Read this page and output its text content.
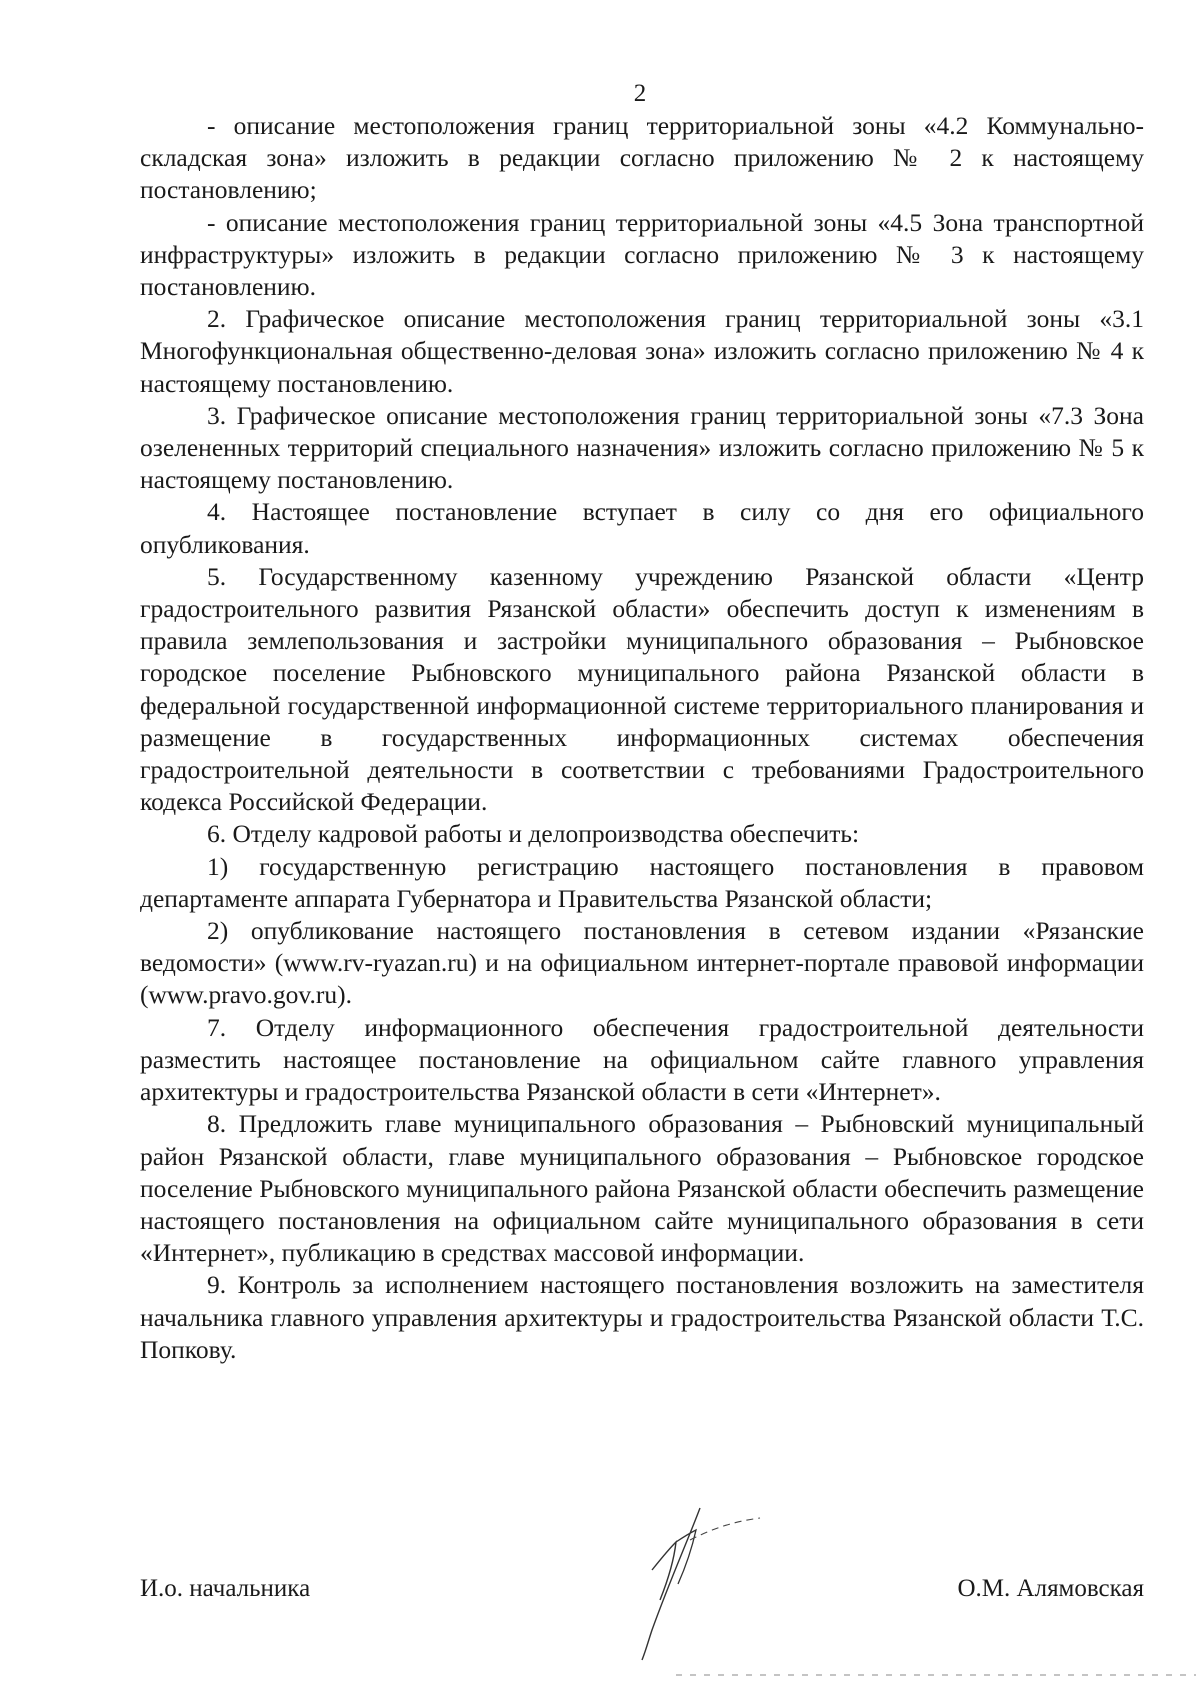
2

- описание местоположения границ территориальной зоны «4.2 Коммунально-складская зона» изложить в редакции согласно приложению № 2 к настоящему постановлению;

- описание местоположения границ территориальной зоны «4.5 Зона транспортной инфраструктуры» изложить в редакции согласно приложению № 3 к настоящему постановлению.

2. Графическое описание местоположения границ территориальной зоны «3.1 Многофункциональная общественно-деловая зона» изложить согласно приложению № 4 к настоящему постановлению.

3. Графическое описание местоположения границ территориальной зоны «7.3 Зона озелененных территорий специального назначения» изложить согласно приложению № 5 к настоящему постановлению.

4. Настоящее постановление вступает в силу со дня его официального опубликования.

5. Государственному казенному учреждению Рязанской области «Центр градостроительного развития Рязанской области» обеспечить доступ к изменениям в правила землепользования и застройки муниципального образования – Рыбновское городское поселение Рыбновского муниципального района Рязанской области в федеральной государственной информационной системе территориального планирования и размещение в государственных информационных системах обеспечения градостроительной деятельности в соответствии с требованиями Градостроительного кодекса Российской Федерации.

6. Отделу кадровой работы и делопроизводства обеспечить:

1) государственную регистрацию настоящего постановления в правовом департаменте аппарата Губернатора и Правительства Рязанской области;

2) опубликование настоящего постановления в сетевом издании «Рязанские ведомости» (www.rv-ryazan.ru) и на официальном интернет-портале правовой информации (www.pravo.gov.ru).

7. Отделу информационного обеспечения градостроительной деятельности разместить настоящее постановление на официальном сайте главного управления архитектуры и градостроительства Рязанской области в сети «Интернет».

8. Предложить главе муниципального образования – Рыбновский муниципальный район Рязанской области, главе муниципального образования – Рыбновское городское поселение Рыбновского муниципального района Рязанской области обеспечить размещение настоящего постановления на официальном сайте муниципального образования в сети «Интернет», публикацию в средствах массовой информации.

9. Контроль за исполнением настоящего постановления возложить на заместителя начальника главного управления архитектуры и градостроительства Рязанской области Т.С. Попкову.

И.о. начальника	О.М. Алямовская
